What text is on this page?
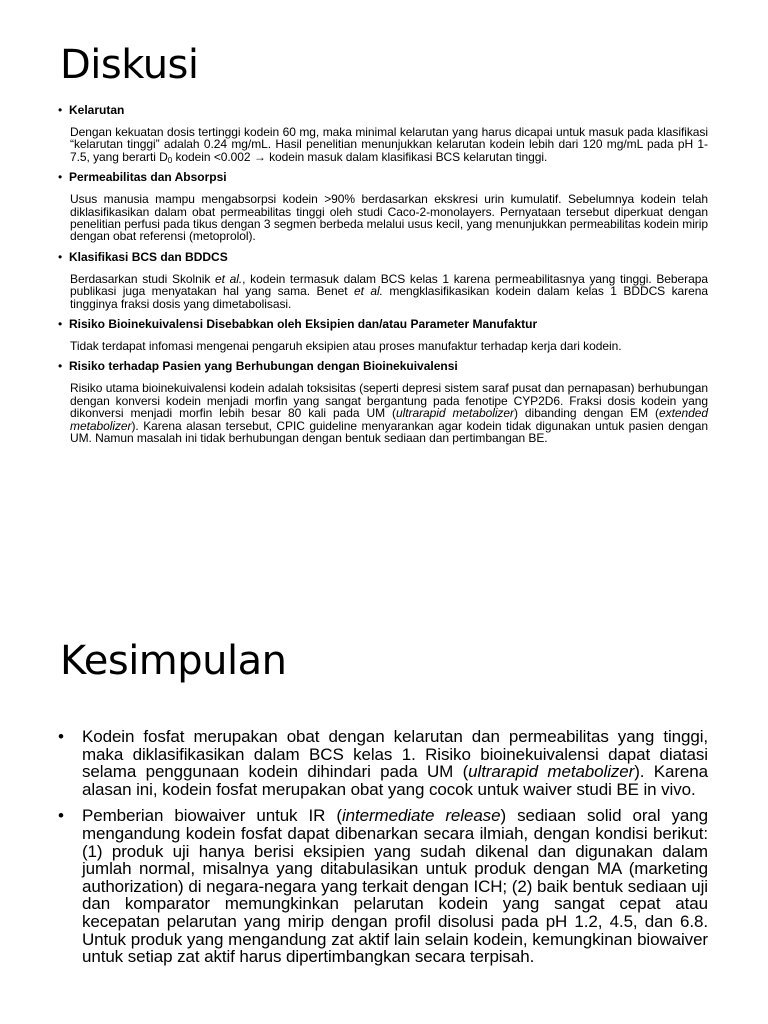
Diskusi
• Kelarutan
Dengan kekuatan dosis tertinggi kodein 60 mg, maka minimal kelarutan yang harus dicapai untuk masuk pada klasifikasi “kelarutan tinggi” adalah 0.24 mg/mL. Hasil penelitian menunjukkan kelarutan kodein lebih dari 120 mg/mL pada pH 1-7.5, yang berarti $D_0$ kodein <0.002 → kodein masuk dalam klasifikasi BCS kelarutan tinggi.
• Permeabilitas dan Absorpsi
Usus manusia mampu mengabsorpsi kodein >90% berdasarkan ekskresi urin kumulatif. Sebelumnya kodein telah diklasifikasikan dalam obat permeabilitas tinggi oleh studi Caco-2-monolayers. Pernyataan tersebut diperkuat dengan penelitian perfusi pada tikus dengan 3 segmen berbeda melalui usus kecil, yang menunjukkan permeabilitas kodein mirip dengan obat referensi (metoprolol).
• Klasifikasi BCS dan BDDCS
Berdasarkan studi Skolnik et al., kodein termasuk dalam BCS kelas 1 karena permeabilitasnya yang tinggi. Beberapa publikasi juga menyatakan hal yang sama. Benet et al. mengklasifikasikan kodein dalam kelas 1 BDDCS karena tingginya fraksi dosis yang dimetabolisasi.
• Risiko Bioinekuivalensi Disebabkan oleh Eksipien dan/atau Parameter Manufaktur
Tidak terdapat infomasi mengenai pengaruh eksipien atau proses manufaktur terhadap kerja dari kodein.
• Risiko terhadap Pasien yang Berhubungan dengan Bioinekuivalensi
Risiko utama bioinekuivalensi kodein adalah toksisitas (seperti depresi sistem saraf pusat dan pernapasan) berhubungan dengan konversi kodein menjadi morfin yang sangat bergantung pada fenotipe CYP2D6. Fraksi dosis kodein yang dikonversi menjadi morfin lebih besar 80 kali pada UM (ultrarapid metabolizer) dibanding dengan EM (extended metabolizer). Karena alasan tersebut, CPIC guideline menyarankan agar kodein tidak digunakan untuk pasien dengan UM. Namun masalah ini tidak berhubungan dengan bentuk sediaan dan pertimbangan BE.
Kesimpulan
•	Kodein fosfat merupakan obat dengan kelarutan dan permeabilitas yang tinggi, maka diklasifikasikan dalam BCS kelas 1. Risiko bioinekuivalensi dapat diatasi selama penggunaan kodein dihindari pada UM (ultrarapid metabolizer). Karena alasan ini, kodein fosfat merupakan obat yang cocok untuk waiver studi BE in vivo.
•	Pemberian biowaiver untuk IR (intermediate release) sediaan solid oral yang mengandung kodein fosfat dapat dibenarkan secara ilmiah, dengan kondisi berikut: (1) produk uji hanya berisi eksipien yang sudah dikenal dan digunakan dalam jumlah normal, misalnya yang ditabulasikan untuk produk dengan MA (marketing authorization) di negara-negara yang terkait dengan ICH; (2) baik bentuk sediaan uji dan komparator memungkinkan pelarutan kodein yang sangat cepat atau kecepatan pelarutan yang mirip dengan profil disolusi pada pH 1.2, 4.5, dan 6.8. Untuk produk yang mengandung zat aktif lain selain kodein, kemungkinan biowaiver untuk setiap zat aktif harus dipertimbangkan secara terpisah.
